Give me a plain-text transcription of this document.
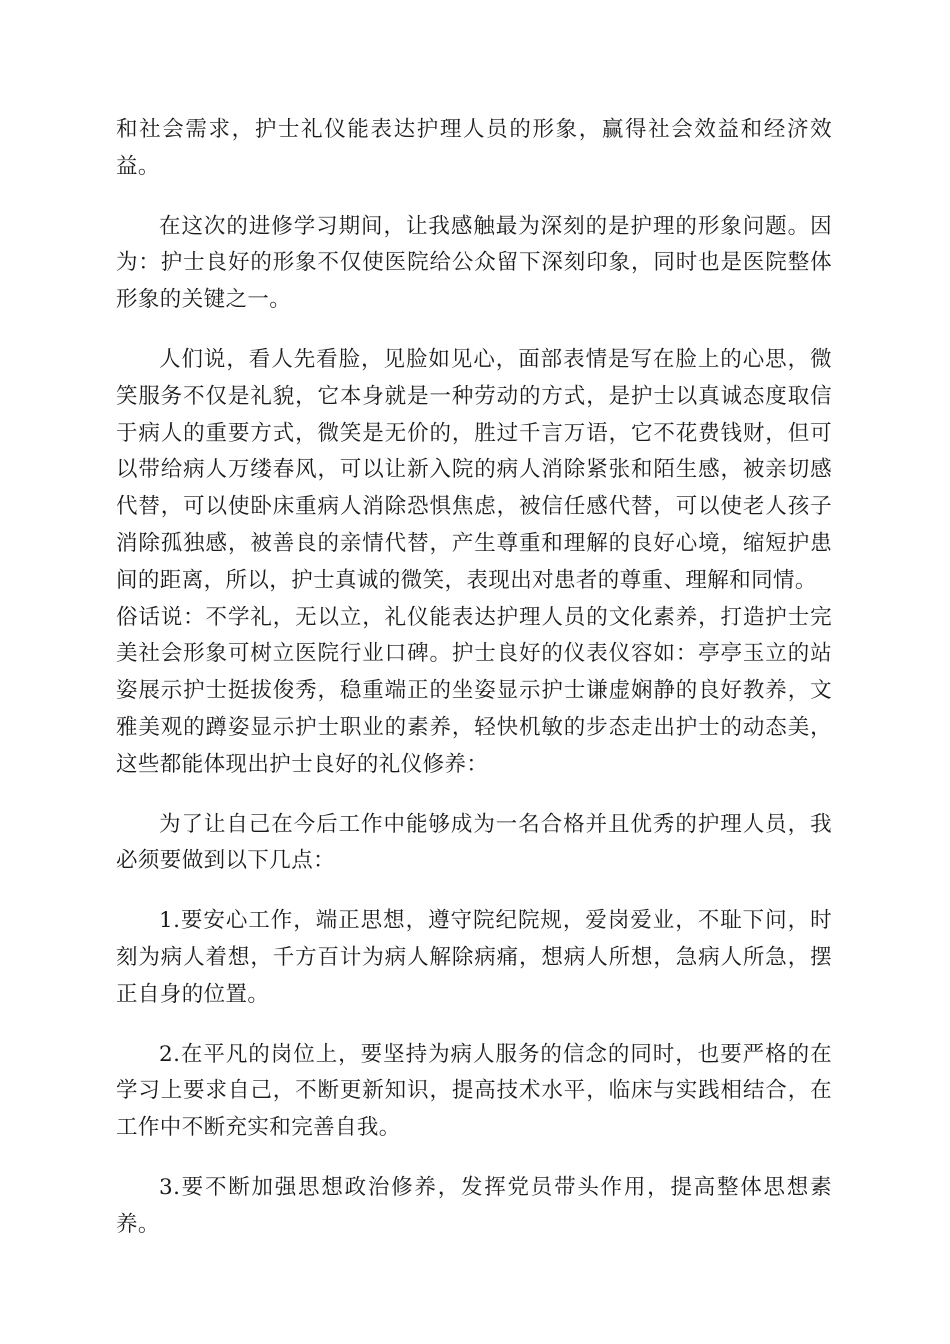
和社会需求，护士礼仪能表达护理人员的形象，赢得社会效益和经济效益。

在这次的进修学习期间，让我感触最为深刻的是护理的形象问题。因为：护士良好的形象不仅使医院给公众留下深刻印象，同时也是医院整体形象的关键之一。

人们说，看人先看脸，见脸如见心，面部表情是写在脸上的心思，微笑服务不仅是礼貌，它本身就是一种劳动的方式，是护士以真诚态度取信于病人的重要方式，微笑是无价的，胜过千言万语，它不花费钱财，但可以带给病人万缕春风，可以让新入院的病人消除紧张和陌生感，被亲切感代替，可以使卧床重病人消除恐惧焦虑，被信任感代替，可以使老人孩子消除孤独感，被善良的亲情代替，产生尊重和理解的良好心境，缩短护患间的距离，所以，护士真诚的微笑，表现出对患者的尊重、理解和同情。

俗话说：不学礼，无以立，礼仪能表达护理人员的文化素养，打造护士完美社会形象可树立医院行业口碑。护士良好的仪表仪容如：亭亭玉立的站姿展示护士挺拔俊秀，稳重端正的坐姿显示护士谦虚娴静的良好教养，文雅美观的蹲姿显示护士职业的素养，轻快机敏的步态走出护士的动态美，这些都能体现出护士良好的礼仪修养：

为了让自己在今后工作中能够成为一名合格并且优秀的护理人员，我必须要做到以下几点：

1.要安心工作，端正思想，遵守院纪院规，爱岗爱业，不耻下问，时刻为病人着想，千方百计为病人解除病痛，想病人所想，急病人所急，摆正自身的位置。

2.在平凡的岗位上，要坚持为病人服务的信念的同时，也要严格的在学习上要求自己，不断更新知识，提高技术水平，临床与实践相结合，在工作中不断充实和完善自我。

3.要不断加强思想政治修养，发挥党员带头作用，提高整体思想素养。
